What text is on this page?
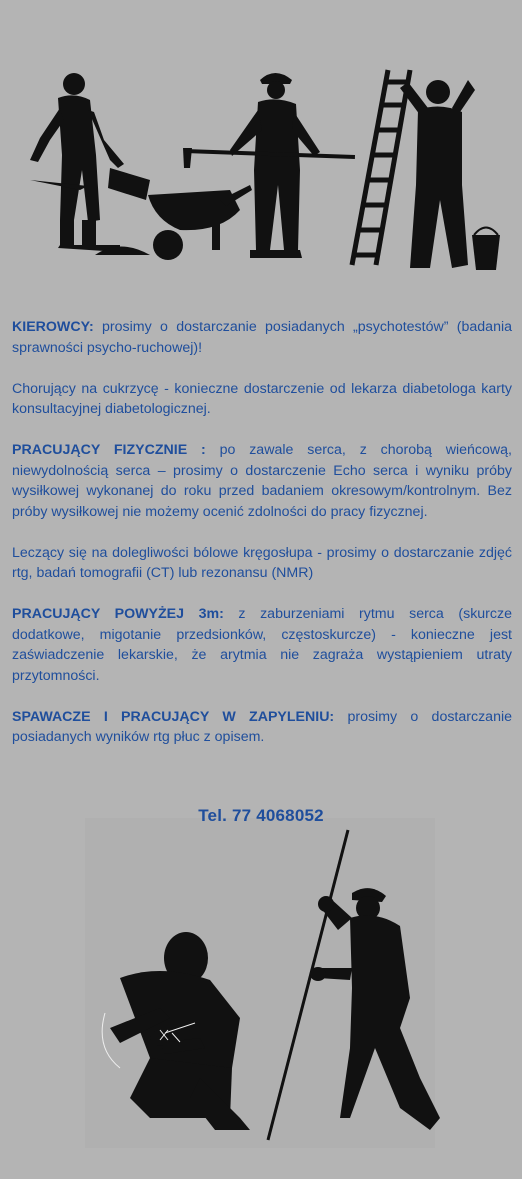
KIEROWCY: prosimy o dostarczanie posiadanych „psychotestów” (badania sprawności psycho-ruchowej)!

Chorujący na cukrzycę - konieczne dostarczenie od lekarza diabetologa karty konsultacyjnej diabetologicznej.

PRACUJĄCY FIZYCZNIE : po zawale serca, z chorobą wieńcową, niewydolnością serca – prosimy o dostarczenie Echo serca i wyniku próby wysiłkowej wykonanej do roku przed badaniem okresowym/kontrolnym. Bez próby wysiłkowej nie możemy ocenić zdolności do pracy fizycznej.

Leczący się na dolegliwości bólowe kręgosłupa - prosimy o dostarczanie zdjęć rtg, badań tomografii (CT) lub rezonansu (NMR)

PRACUJĄCY POWYŻEJ 3m: z zaburzeniami rytmu serca (skurcze dodatkowe, migotanie przedsionków, częstoskurcze) - konieczne jest zaświadczenie lekarskie, że arytmia nie zagraża wystąpieniem utraty przytomności.

SPAWACZE I PRACUJĄCY W ZAPYLENIU: prosimy o dostarczanie posiadanych wyników rtg płuc z opisem.

Tel. 77 4068052
